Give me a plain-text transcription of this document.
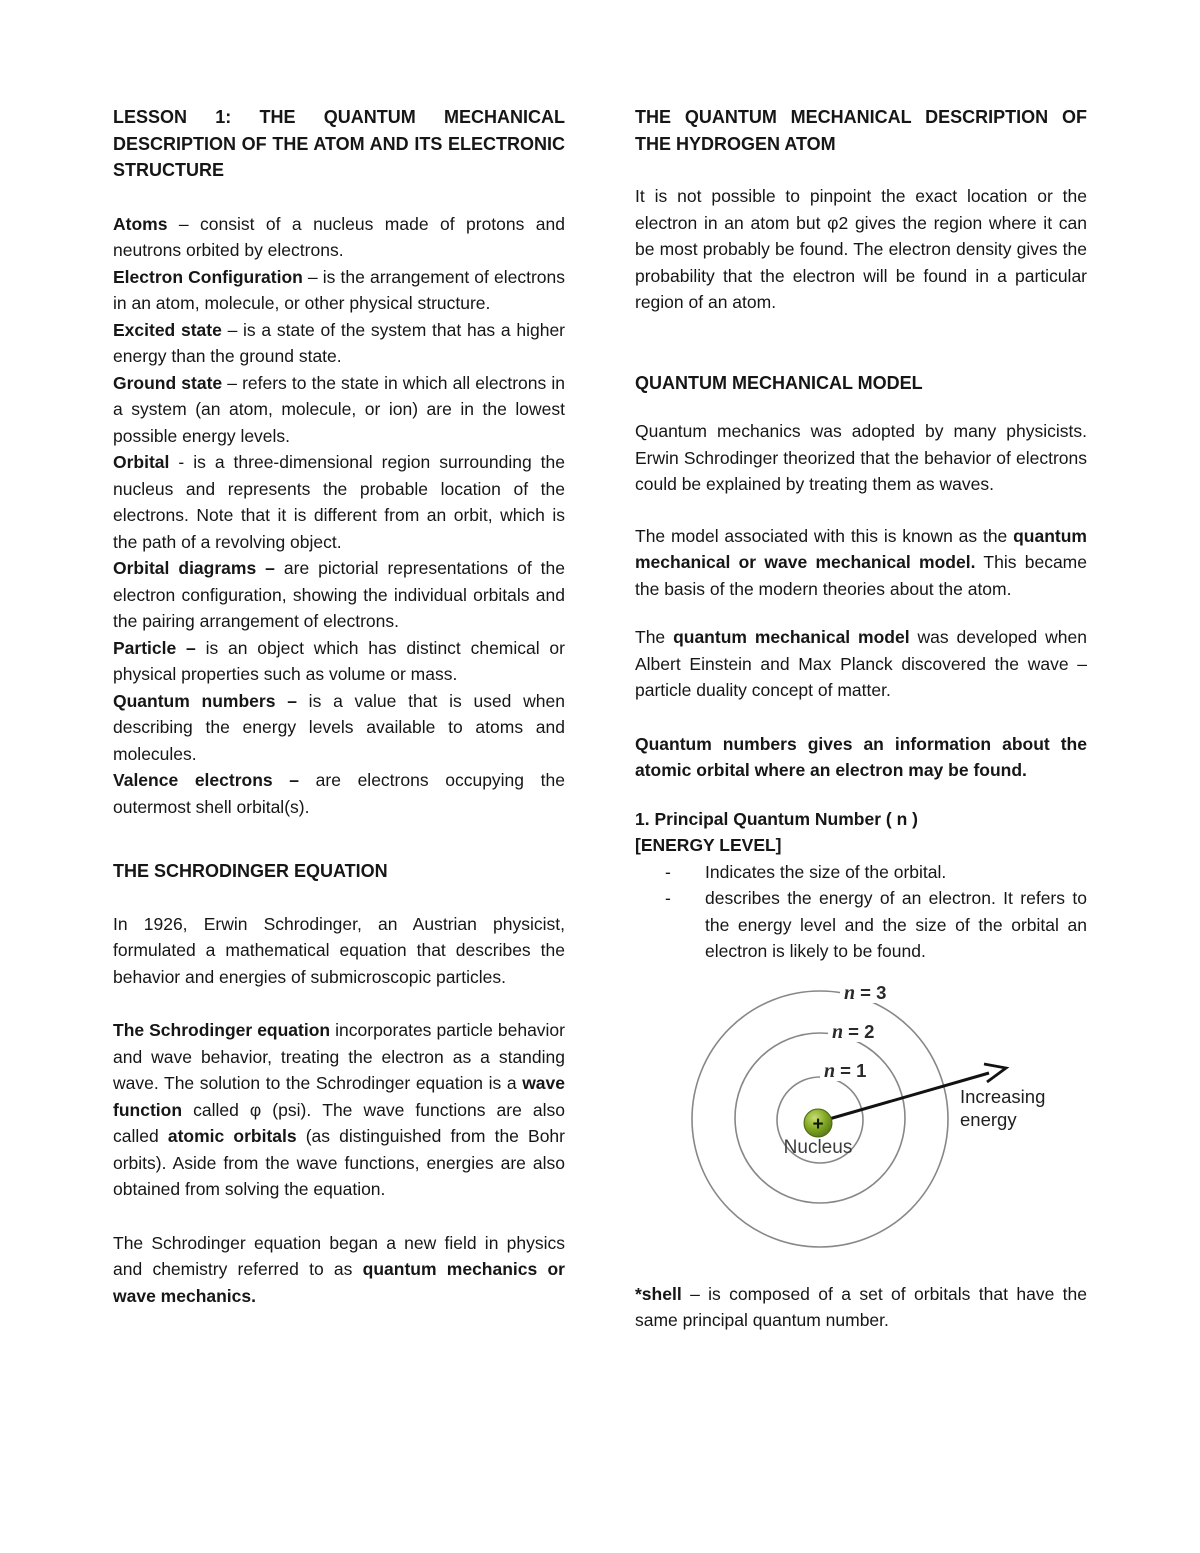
LESSON 1: THE QUANTUM MECHANICAL DESCRIPTION OF THE ATOM AND ITS ELECTRONIC STRUCTURE

Atoms – consist of a nucleus made of protons and neutrons orbited by electrons.

Electron Configuration – is the arrangement of electrons in an atom, molecule, or other physical structure.

Excited state – is a state of the system that has a higher energy than the ground state.

Ground state – refers to the state in which all electrons in a system (an atom, molecule, or ion) are in the lowest possible energy levels.

Orbital - is a three-dimensional region surrounding the nucleus and represents the probable location of the electrons. Note that it is different from an orbit, which is the path of a revolving object.

Orbital diagrams – are pictorial representations of the electron configuration, showing the individual orbitals and the pairing arrangement of electrons.

Particle – is an object which has distinct chemical or physical properties such as volume or mass.

Quantum numbers – is a value that is used when describing the energy levels available to atoms and molecules.

Valence electrons – are electrons occupying the outermost shell orbital(s).

THE SCHRODINGER EQUATION

In 1926, Erwin Schrodinger, an Austrian physicist, formulated a mathematical equation that describes the behavior and energies of submicroscopic particles.

The Schrodinger equation incorporates particle behavior and wave behavior, treating the electron as a standing wave. The solution to the Schrodinger equation is a wave function called φ (psi). The wave functions are also called atomic orbitals (as distinguished from the Bohr orbits). Aside from the wave functions, energies are also obtained from solving the equation.

The Schrodinger equation began a new field in physics and chemistry referred to as quantum mechanics or wave mechanics.

THE QUANTUM MECHANICAL DESCRIPTION OF THE HYDROGEN ATOM

It is not possible to pinpoint the exact location or the electron in an atom but φ2 gives the region where it can be most probably be found. The electron density gives the probability that the electron will be found in a particular region of an atom.

QUANTUM MECHANICAL MODEL

Quantum mechanics was adopted by many physicists. Erwin Schrodinger theorized that the behavior of electrons could be explained by treating them as waves.

The model associated with this is known as the quantum mechanical or wave mechanical model. This became the basis of the modern theories about the atom.

The quantum mechanical model was developed when Albert Einstein and Max Planck discovered the wave – particle duality concept of matter.

Quantum numbers gives an information about the atomic orbital where an electron may be found.

1. Principal Quantum Number ( n )
[ENERGY LEVEL]
-	Indicates the size of the orbital.
-	describes the energy of an electron. It refers to the energy level and the size of the orbital an electron is likely to be found.
n = 3
n = 2
n = 1
+
Nucleus
Increasing
energy

*shell – is composed of a set of orbitals that have the same principal quantum number.
